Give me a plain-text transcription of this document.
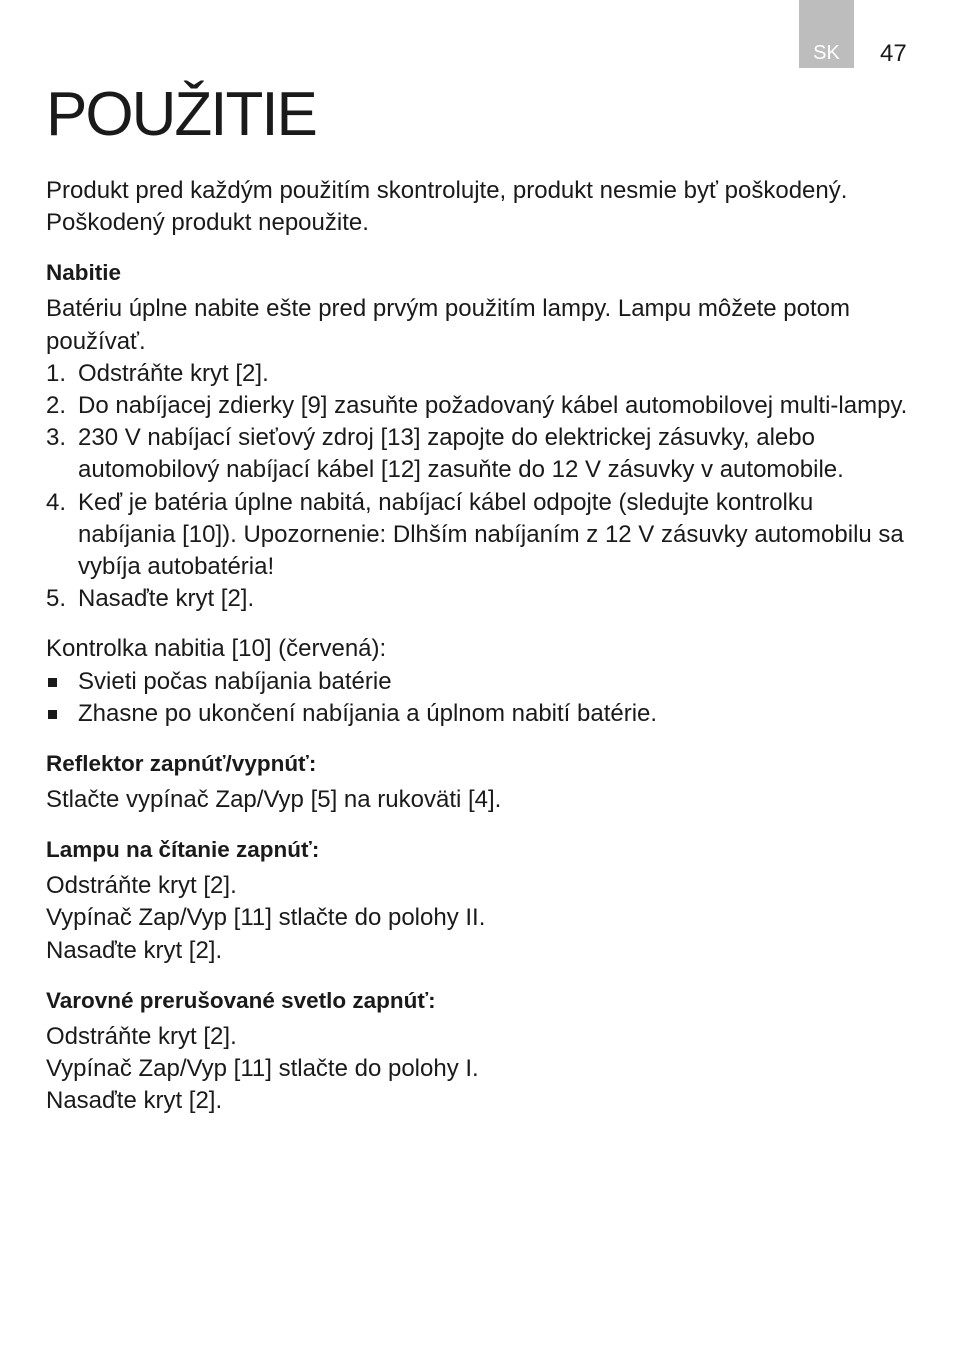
SK	47
POUŽITIE

Produkt pred každým použitím skontrolujte, produkt nesmie byť poškodený. Poškodený produkt nepoužite.

Nabitie

Batériu úplne nabite ešte pred prvým použitím lampy. Lampu môžete potom používať.

1. Odstráňte kryt [2].
2. Do nabíjacej zdierky [9] zasuňte požadovaný kábel automobilovej multi-lampy.
3. 230 V nabíjací sieťový zdroj [13] zapojte do elektrickej zásuvky, alebo automobilový nabíjací kábel [12] zasuňte do 12 V zásuvky v automobile.
4. Keď je batéria úplne nabitá, nabíjací kábel odpojte (sledujte kontrolku nabíjania [10]). Upozornenie: Dlhším nabíjaním z 12 V zásuvky automobilu sa vybíja autobatéria!
5. Nasaďte kryt [2].

Kontrolka nabitia [10] (červená):

Svieti počas nabíjania batérie
Zhasne po ukončení nabíjania a úplnom nabití batérie.
Reflektor zapnúť/vypnúť:

Stlačte vypínač Zap/Vyp [5] na rukoväti [4].

Lampu na čítanie zapnúť:

Odstráňte kryt [2].

Vypínač Zap/Vyp [11] stlačte do polohy II.

Nasaďte kryt [2].

Varovné prerušované svetlo zapnúť:

Odstráňte kryt [2].

Vypínač Zap/Vyp [11] stlačte do polohy I.

Nasaďte kryt [2].
